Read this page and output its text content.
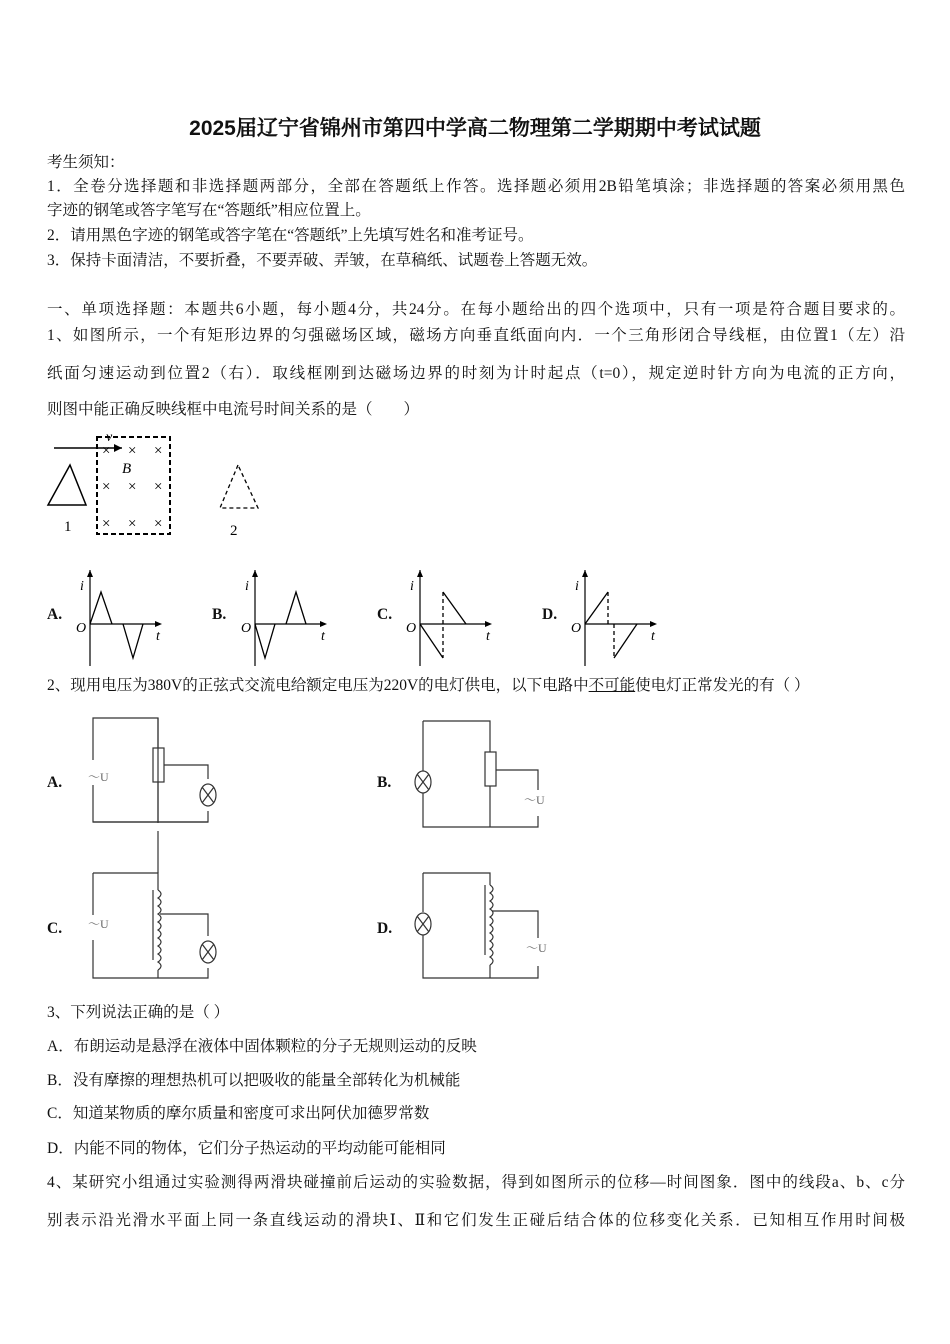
2025届辽宁省锦州市第四中学高二物理第二学期期中考试试题
考生须知：
1．全卷分选择题和非选择题两部分，全部在答题纸上作答。选择题必须用2B铅笔填涂；非选择题的答案必须用黑色
字迹的钢笔或答字笔写在“答题纸”相应位置上。
2．请用黑色字迹的钢笔或答字笔在“答题纸”上先填写姓名和准考证号。
3．保持卡面清洁，不要折叠，不要弄破、弄皱，在草稿纸、试题卷上答题无效。
一、单项选择题：本题共6小题，每小题4分，共24分。在每小题给出的四个选项中，只有一项是符合题目要求的。
1、如图所示，一个有矩形边界的匀强磁场区域，磁场方向垂直纸面向内．一个三角形闭合导线框，由位置1（左）沿
纸面匀速运动到位置2（右）．取线框刚到达磁场边界的时刻为计时起点（t=0），规定逆时针方向为电流的正方向，
则图中能正确反映线框中电流号时间关系的是（　　）
v
1
× × ×
× × ×
× × ×
B
2
A.	B.	C.	D.
i
O
t
i
O
t
i
O
t
i
O
t
2、现用电压为380V的正弦式交流电给额定电压为220V的电灯供电，以下电路中不可能使电灯正常发光的有（ ）
A.	B.
C.	D.
～U
～U
～U
～U
3、下列说法正确的是（ ）
A．布朗运动是悬浮在液体中固体颗粒的分子无规则运动的反映
B．没有摩擦的理想热机可以把吸收的能量全部转化为机械能
C．知道某物质的摩尔质量和密度可求出阿伏加德罗常数
D．内能不同的物体，它们分子热运动的平均动能可能相同
4、某研究小组通过实验测得两滑块碰撞前后运动的实验数据，得到如图所示的位移—时间图象．图中的线段a、b、c分
别表示沿光滑水平面上同一条直线运动的滑块Ⅰ、Ⅱ和它们发生正碰后结合体的位移变化关系．已知相互作用时间极
